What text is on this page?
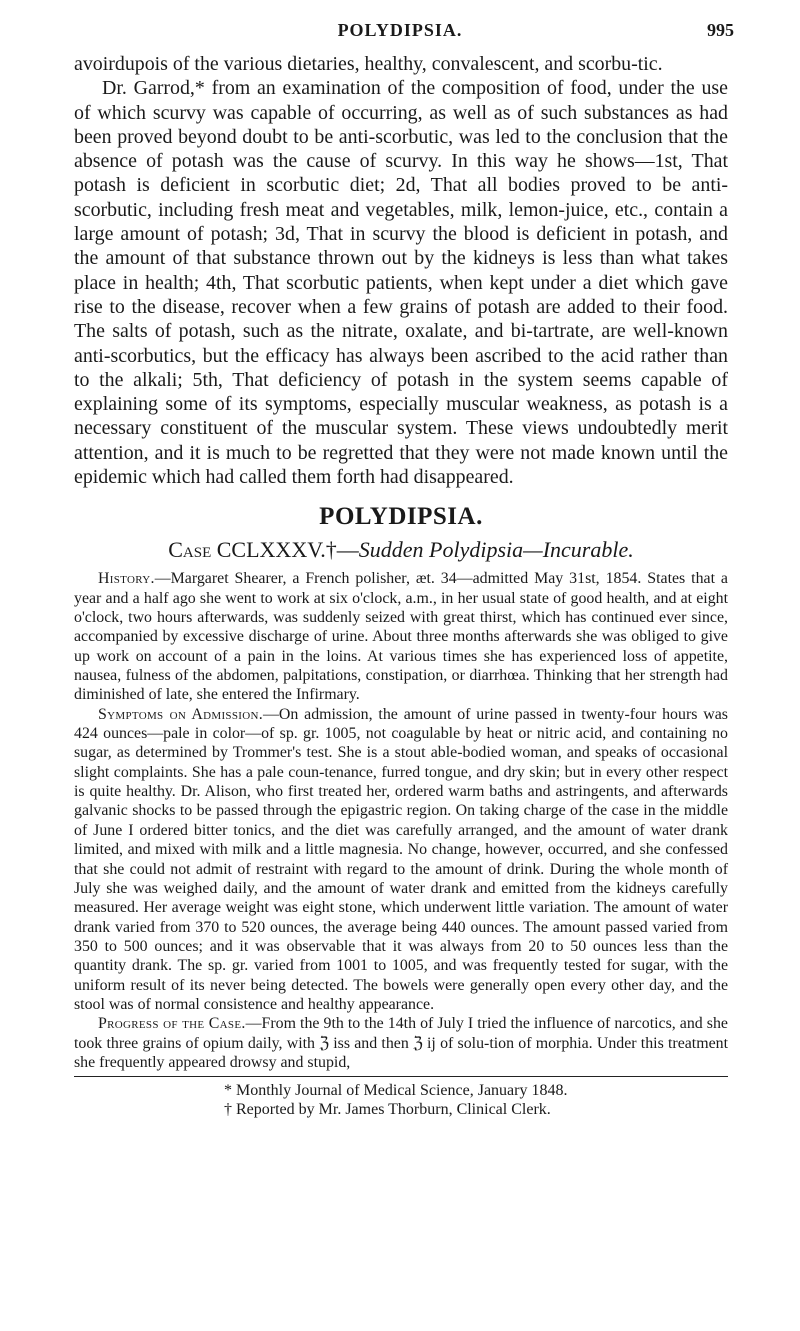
POLYDIPSIA.	995

avoirdupois of the various dietaries, healthy, convalescent, and scorbu-tic.

Dr. Garrod,* from an examination of the composition of food, under the use of which scurvy was capable of occurring, as well as of such substances as had been proved beyond doubt to be anti-scorbutic, was led to the conclusion that the absence of potash was the cause of scurvy. In this way he shows—1st, That potash is deficient in scorbutic diet; 2d, That all bodies proved to be anti-scorbutic, including fresh meat and vegetables, milk, lemon-juice, etc., contain a large amount of potash; 3d, That in scurvy the blood is deficient in potash, and the amount of that substance thrown out by the kidneys is less than what takes place in health; 4th, That scorbutic patients, when kept under a diet which gave rise to the disease, recover when a few grains of potash are added to their food. The salts of potash, such as the nitrate, oxalate, and bi-tartrate, are well-known anti-scorbutics, but the efficacy has always been ascribed to the acid rather than to the alkali; 5th, That deficiency of potash in the system seems capable of explaining some of its symptoms, especially muscular weakness, as potash is a necessary constituent of the muscular system. These views undoubtedly merit attention, and it is much to be regretted that they were not made known until the epidemic which had called them forth had disappeared.

POLYDIPSIA.
Case CCLXXXV.†—Sudden Polydipsia—Incurable.

History.—Margaret Shearer, a French polisher, æt. 34—admitted May 31st, 1854. States that a year and a half ago she went to work at six o'clock, a.m., in her usual state of good health, and at eight o'clock, two hours afterwards, was suddenly seized with great thirst, which has continued ever since, accompanied by excessive discharge of urine. About three months afterwards she was obliged to give up work on account of a pain in the loins. At various times she has experienced loss of appetite, nausea, fulness of the abdomen, palpitations, constipation, or diarrhœa. Thinking that her strength had diminished of late, she entered the Infirmary.

Symptoms on Admission.—On admission, the amount of urine passed in twenty-four hours was 424 ounces—pale in color—of sp. gr. 1005, not coagulable by heat or nitric acid, and containing no sugar, as determined by Trommer's test. She is a stout able-bodied woman, and speaks of occasional slight complaints. She has a pale coun-tenance, furred tongue, and dry skin; but in every other respect is quite healthy. Dr. Alison, who first treated her, ordered warm baths and astringents, and afterwards galvanic shocks to be passed through the epigastric region. On taking charge of the case in the middle of June I ordered bitter tonics, and the diet was carefully arranged, and the amount of water drank limited, and mixed with milk and a little magnesia. No change, however, occurred, and she confessed that she could not admit of restraint with regard to the amount of drink. During the whole month of July she was weighed daily, and the amount of water drank and emitted from the kidneys carefully measured. Her average weight was eight stone, which underwent little variation. The amount of water drank varied from 370 to 520 ounces, the average being 440 ounces. The amount passed varied from 350 to 500 ounces; and it was observable that it was always from 20 to 50 ounces less than the quantity drank. The sp. gr. varied from 1001 to 1005, and was frequently tested for sugar, with the uniform result of its never being detected. The bowels were generally open every other day, and the stool was of normal consistence and healthy appearance.

Progress of the Case.—From the 9th to the 14th of July I tried the influence of narcotics, and she took three grains of opium daily, with ℨ iss and then ℨ ij of solu-tion of morphia. Under this treatment she frequently appeared drowsy and stupid,

* Monthly Journal of Medical Science, January 1848.

† Reported by Mr. James Thorburn, Clinical Clerk.
